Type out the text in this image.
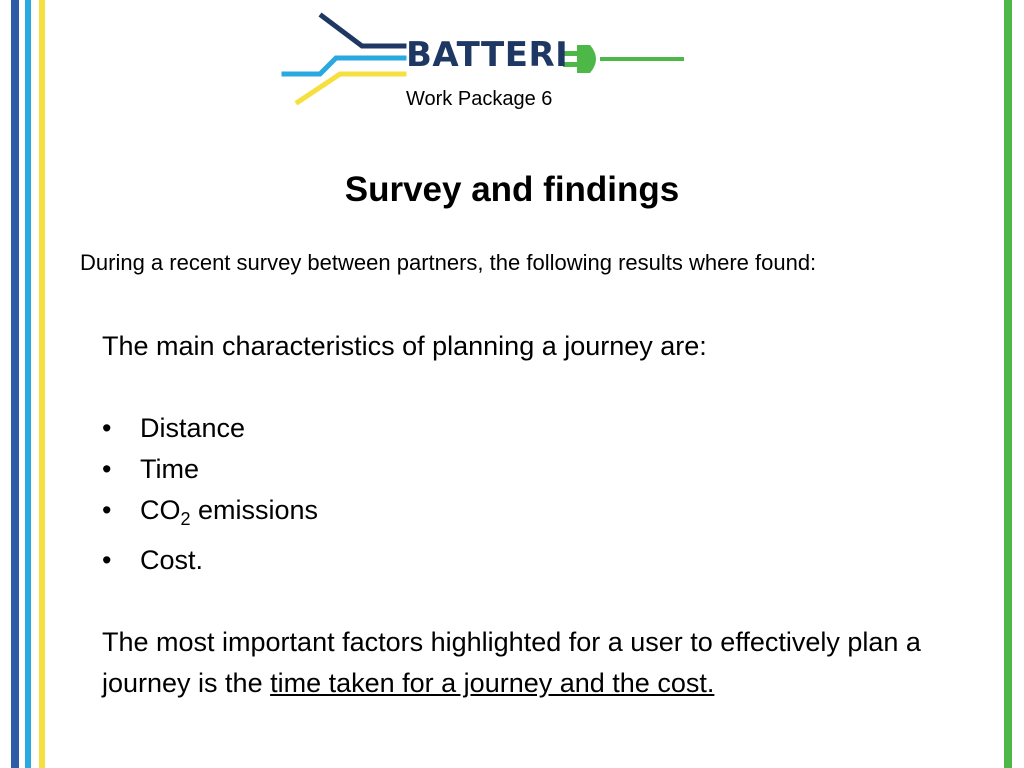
BATTERI
Work Package 6
Survey and findings
During a recent survey between partners, the following results where found:

The main characteristics of planning a journey are:

• Distance
• Time
• $CO_2$ emissions
• Cost.

The most important factors highlighted for a user to effectively plan a journey is the time taken for a journey and the cost.
